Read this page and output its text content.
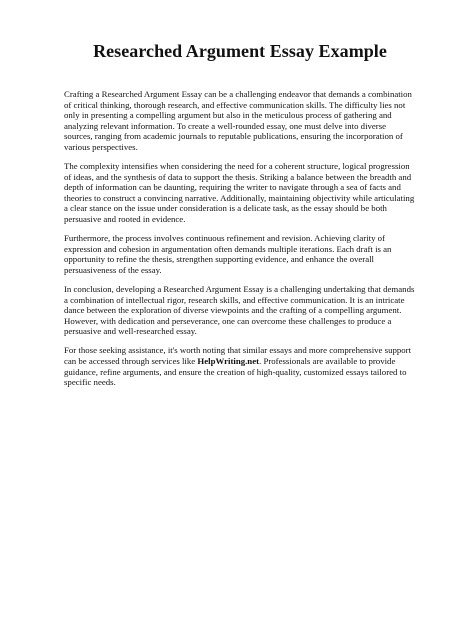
Researched Argument Essay Example

Crafting a Researched Argument Essay can be a challenging endeavor that demands a combination of critical thinking, thorough research, and effective communication skills. The difficulty lies not only in presenting a compelling argument but also in the meticulous process of gathering and analyzing relevant information. To create a well-rounded essay, one must delve into diverse sources, ranging from academic journals to reputable publications, ensuring the incorporation of various perspectives.

The complexity intensifies when considering the need for a coherent structure, logical progression of ideas, and the synthesis of data to support the thesis. Striking a balance between the breadth and depth of information can be daunting, requiring the writer to navigate through a sea of facts and theories to construct a convincing narrative. Additionally, maintaining objectivity while articulating a clear stance on the issue under consideration is a delicate task, as the essay should be both persuasive and rooted in evidence.

Furthermore, the process involves continuous refinement and revision. Achieving clarity of expression and cohesion in argumentation often demands multiple iterations. Each draft is an opportunity to refine the thesis, strengthen supporting evidence, and enhance the overall persuasiveness of the essay.

In conclusion, developing a Researched Argument Essay is a challenging undertaking that demands a combination of intellectual rigor, research skills, and effective communication. It is an intricate dance between the exploration of diverse viewpoints and the crafting of a compelling argument. However, with dedication and perseverance, one can overcome these challenges to produce a persuasive and well-researched essay.

For those seeking assistance, it's worth noting that similar essays and more comprehensive support can be accessed through services like HelpWriting.net. Professionals are available to provide guidance, refine arguments, and ensure the creation of high-quality, customized essays tailored to specific needs.
